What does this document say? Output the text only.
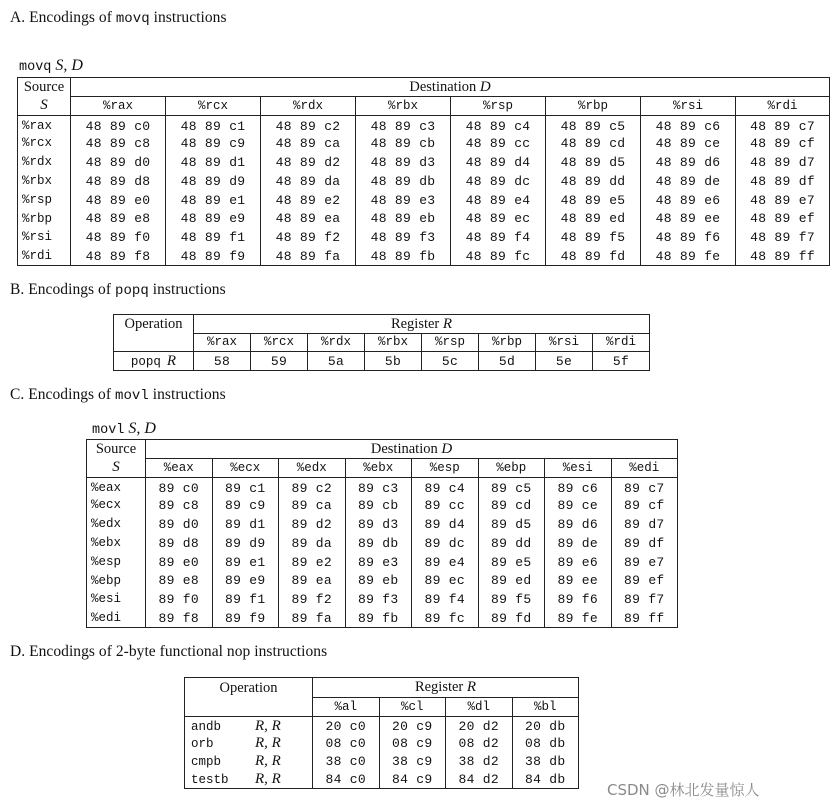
A. Encodings of movq instructions
movq S, D
Source	Destination D							
S	%rax	%rcx	%rdx	%rbx	%rsp	%rbp	%rsi	%rdi
%rax	48 89 c0	48 89 c1	48 89 c2	48 89 c3	48 89 c4	48 89 c5	48 89 c6	48 89 c7
%rcx	48 89 c8	48 89 c9	48 89 ca	48 89 cb	48 89 cc	48 89 cd	48 89 ce	48 89 cf
%rdx	48 89 d0	48 89 d1	48 89 d2	48 89 d3	48 89 d4	48 89 d5	48 89 d6	48 89 d7
%rbx	48 89 d8	48 89 d9	48 89 da	48 89 db	48 89 dc	48 89 dd	48 89 de	48 89 df
%rsp	48 89 e0	48 89 e1	48 89 e2	48 89 e3	48 89 e4	48 89 e5	48 89 e6	48 89 e7
%rbp	48 89 e8	48 89 e9	48 89 ea	48 89 eb	48 89 ec	48 89 ed	48 89 ee	48 89 ef
%rsi	48 89 f0	48 89 f1	48 89 f2	48 89 f3	48 89 f4	48 89 f5	48 89 f6	48 89 f7
%rdi	48 89 f8	48 89 f9	48 89 fa	48 89 fb	48 89 fc	48 89 fd	48 89 fe	48 89 ff
B. Encodings of popq instructions
Operation	Register R							
	%rax	%rcx	%rdx	%rbx	%rsp	%rbp	%rsi	%rdi
popq R	58	59	5a	5b	5c	5d	5e	5f
C. Encodings of movl instructions
movl S, D
Source	Destination D							
S	%eax	%ecx	%edx	%ebx	%esp	%ebp	%esi	%edi
%eax	89 c0	89 c1	89 c2	89 c3	89 c4	89 c5	89 c6	89 c7
%ecx	89 c8	89 c9	89 ca	89 cb	89 cc	89 cd	89 ce	89 cf
%edx	89 d0	89 d1	89 d2	89 d3	89 d4	89 d5	89 d6	89 d7
%ebx	89 d8	89 d9	89 da	89 db	89 dc	89 dd	89 de	89 df
%esp	89 e0	89 e1	89 e2	89 e3	89 e4	89 e5	89 e6	89 e7
%ebp	89 e8	89 e9	89 ea	89 eb	89 ec	89 ed	89 ee	89 ef
%esi	89 f0	89 f1	89 f2	89 f3	89 f4	89 f5	89 f6	89 f7
%edi	89 f8	89 f9	89 fa	89 fb	89 fc	89 fd	89 fe	89 ff
D. Encodings of 2-byte functional nop instructions
Operation	Register R			
	%al	%cl	%dl	%bl
andb R, R	20 c0	20 c9	20 d2	20 db
orb R, R	08 c0	08 c9	08 d2	08 db
cmpb R, R	38 c0	38 c9	38 d2	38 db
testb R, R	84 c0	84 c9	84 d2	84 db
CSDN @林北发量惊人
